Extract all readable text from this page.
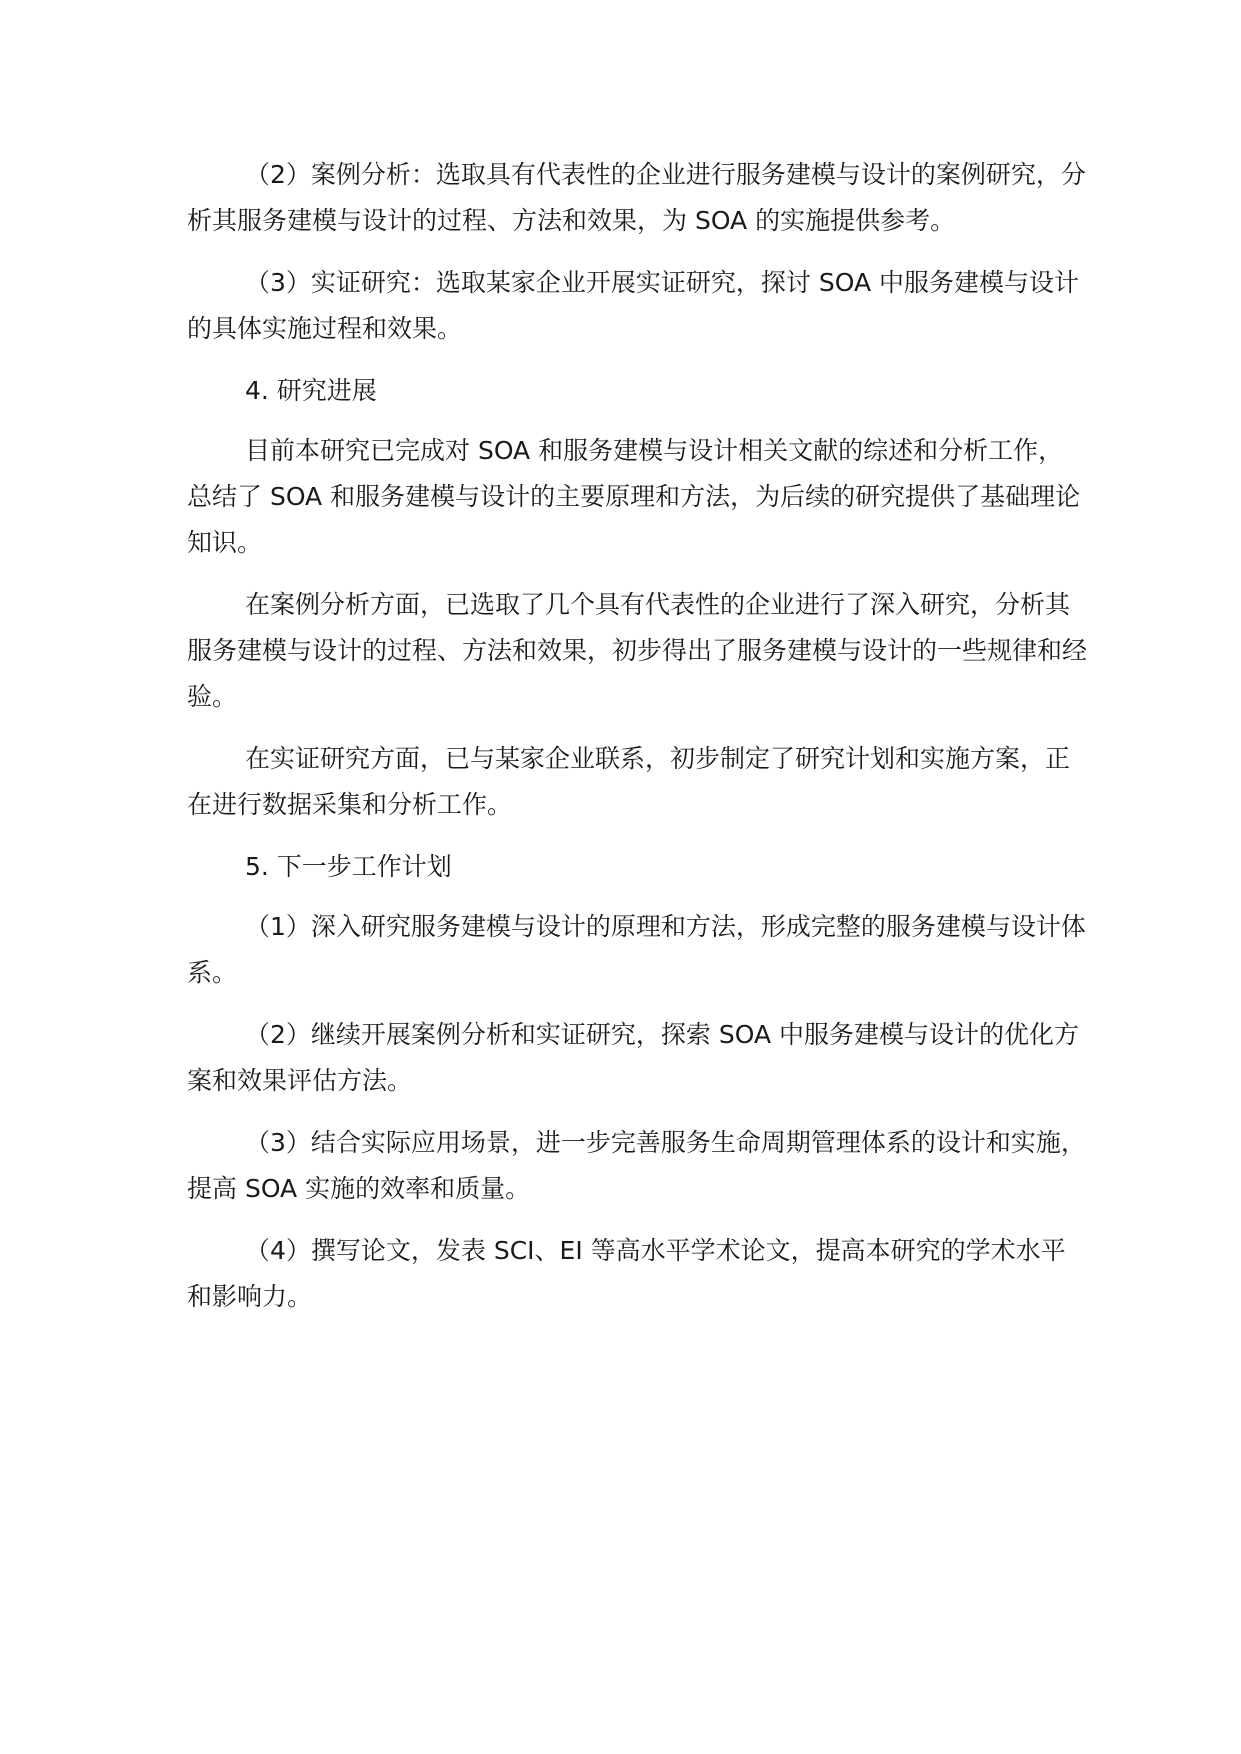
（2）案例分析：选取具有代表性的企业进行服务建模与设计的案例研究，分析其服务建模与设计的过程、方法和效果，为 SOA 的实施提供参考。

（3）实证研究：选取某家企业开展实证研究，探讨 SOA 中服务建模与设计的具体实施过程和效果。

4. 研究进展

目前本研究已完成对 SOA 和服务建模与设计相关文献的综述和分析工作，总结了 SOA 和服务建模与设计的主要原理和方法，为后续的研究提供了基础理论知识。

在案例分析方面，已选取了几个具有代表性的企业进行了深入研究，分析其服务建模与设计的过程、方法和效果，初步得出了服务建模与设计的一些规律和经验。

在实证研究方面，已与某家企业联系，初步制定了研究计划和实施方案，正在进行数据采集和分析工作。

5. 下一步工作计划

（1）深入研究服务建模与设计的原理和方法，形成完整的服务建模与设计体系。

（2）继续开展案例分析和实证研究，探索 SOA 中服务建模与设计的优化方案和效果评估方法。

（3）结合实际应用场景，进一步完善服务生命周期管理体系的设计和实施，提高 SOA 实施的效率和质量。

（4）撰写论文，发表 SCI、EI 等高水平学术论文，提高本研究的学术水平和影响力。
